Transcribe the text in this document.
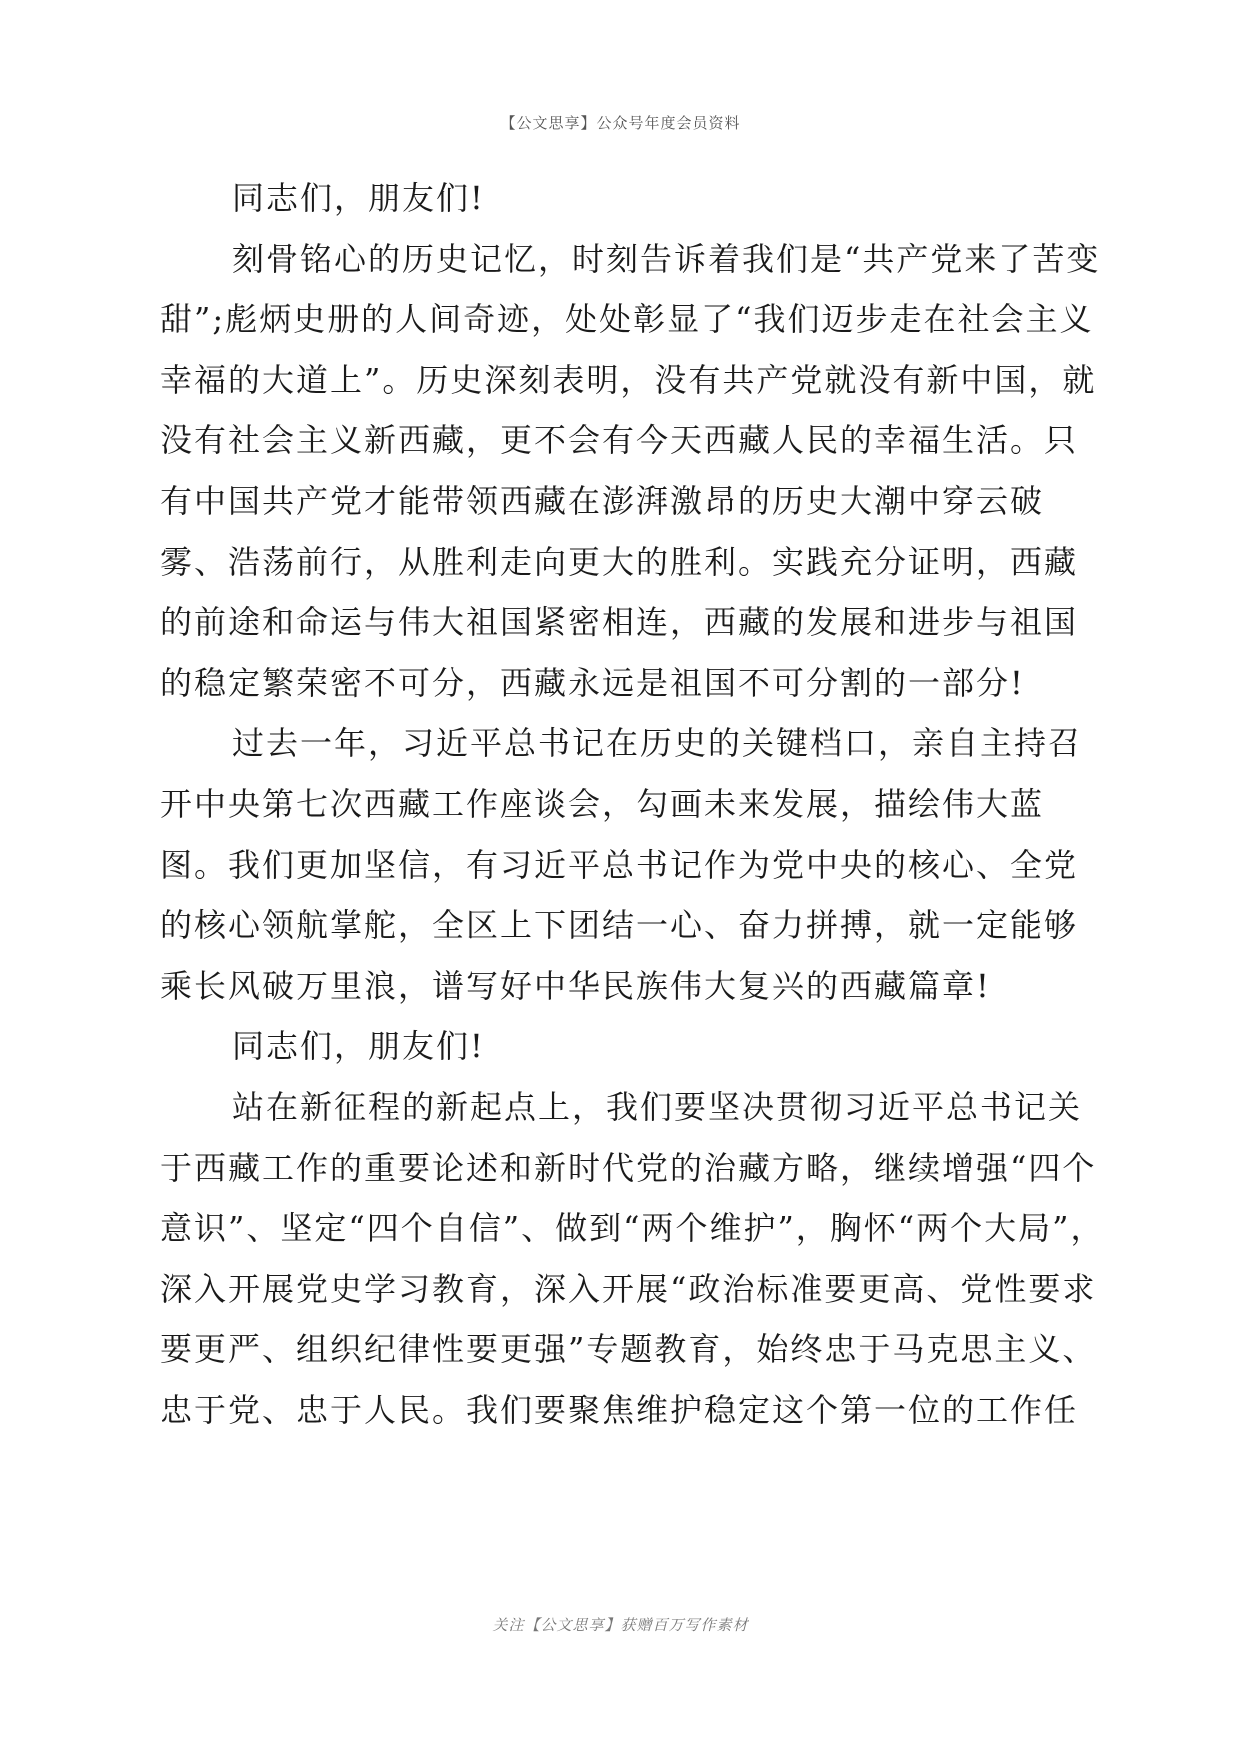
【公文思享】公众号年度会员资料
同志们，朋友们!
刻骨铭心的历史记忆，时刻告诉着我们是“共产党来了苦变
甜”;彪炳史册的人间奇迹，处处彰显了“我们迈步走在社会主义
幸福的大道上”。历史深刻表明，没有共产党就没有新中国，就
没有社会主义新西藏，更不会有今天西藏人民的幸福生活。只
有中国共产党才能带领西藏在澎湃激昂的历史大潮中穿云破
雾、浩荡前行，从胜利走向更大的胜利。实践充分证明，西藏
的前途和命运与伟大祖国紧密相连，西藏的发展和进步与祖国
的稳定繁荣密不可分，西藏永远是祖国不可分割的一部分!
过去一年，习近平总书记在历史的关键档口，亲自主持召
开中央第七次西藏工作座谈会，勾画未来发展，描绘伟大蓝
图。我们更加坚信，有习近平总书记作为党中央的核心、全党
的核心领航掌舵，全区上下团结一心、奋力拼搏，就一定能够
乘长风破万里浪，谱写好中华民族伟大复兴的西藏篇章!
同志们，朋友们!
站在新征程的新起点上，我们要坚决贯彻习近平总书记关
于西藏工作的重要论述和新时代党的治藏方略，继续增强“四个
意识”、坚定“四个自信”、做到“两个维护”，胸怀“两个大局”，
深入开展党史学习教育，深入开展“政治标准要更高、党性要求
要更严、组织纪律性要更强”专题教育，始终忠于马克思主义、
忠于党、忠于人民。我们要聚焦维护稳定这个第一位的工作任
关注【公文思享】获赠百万写作素材
